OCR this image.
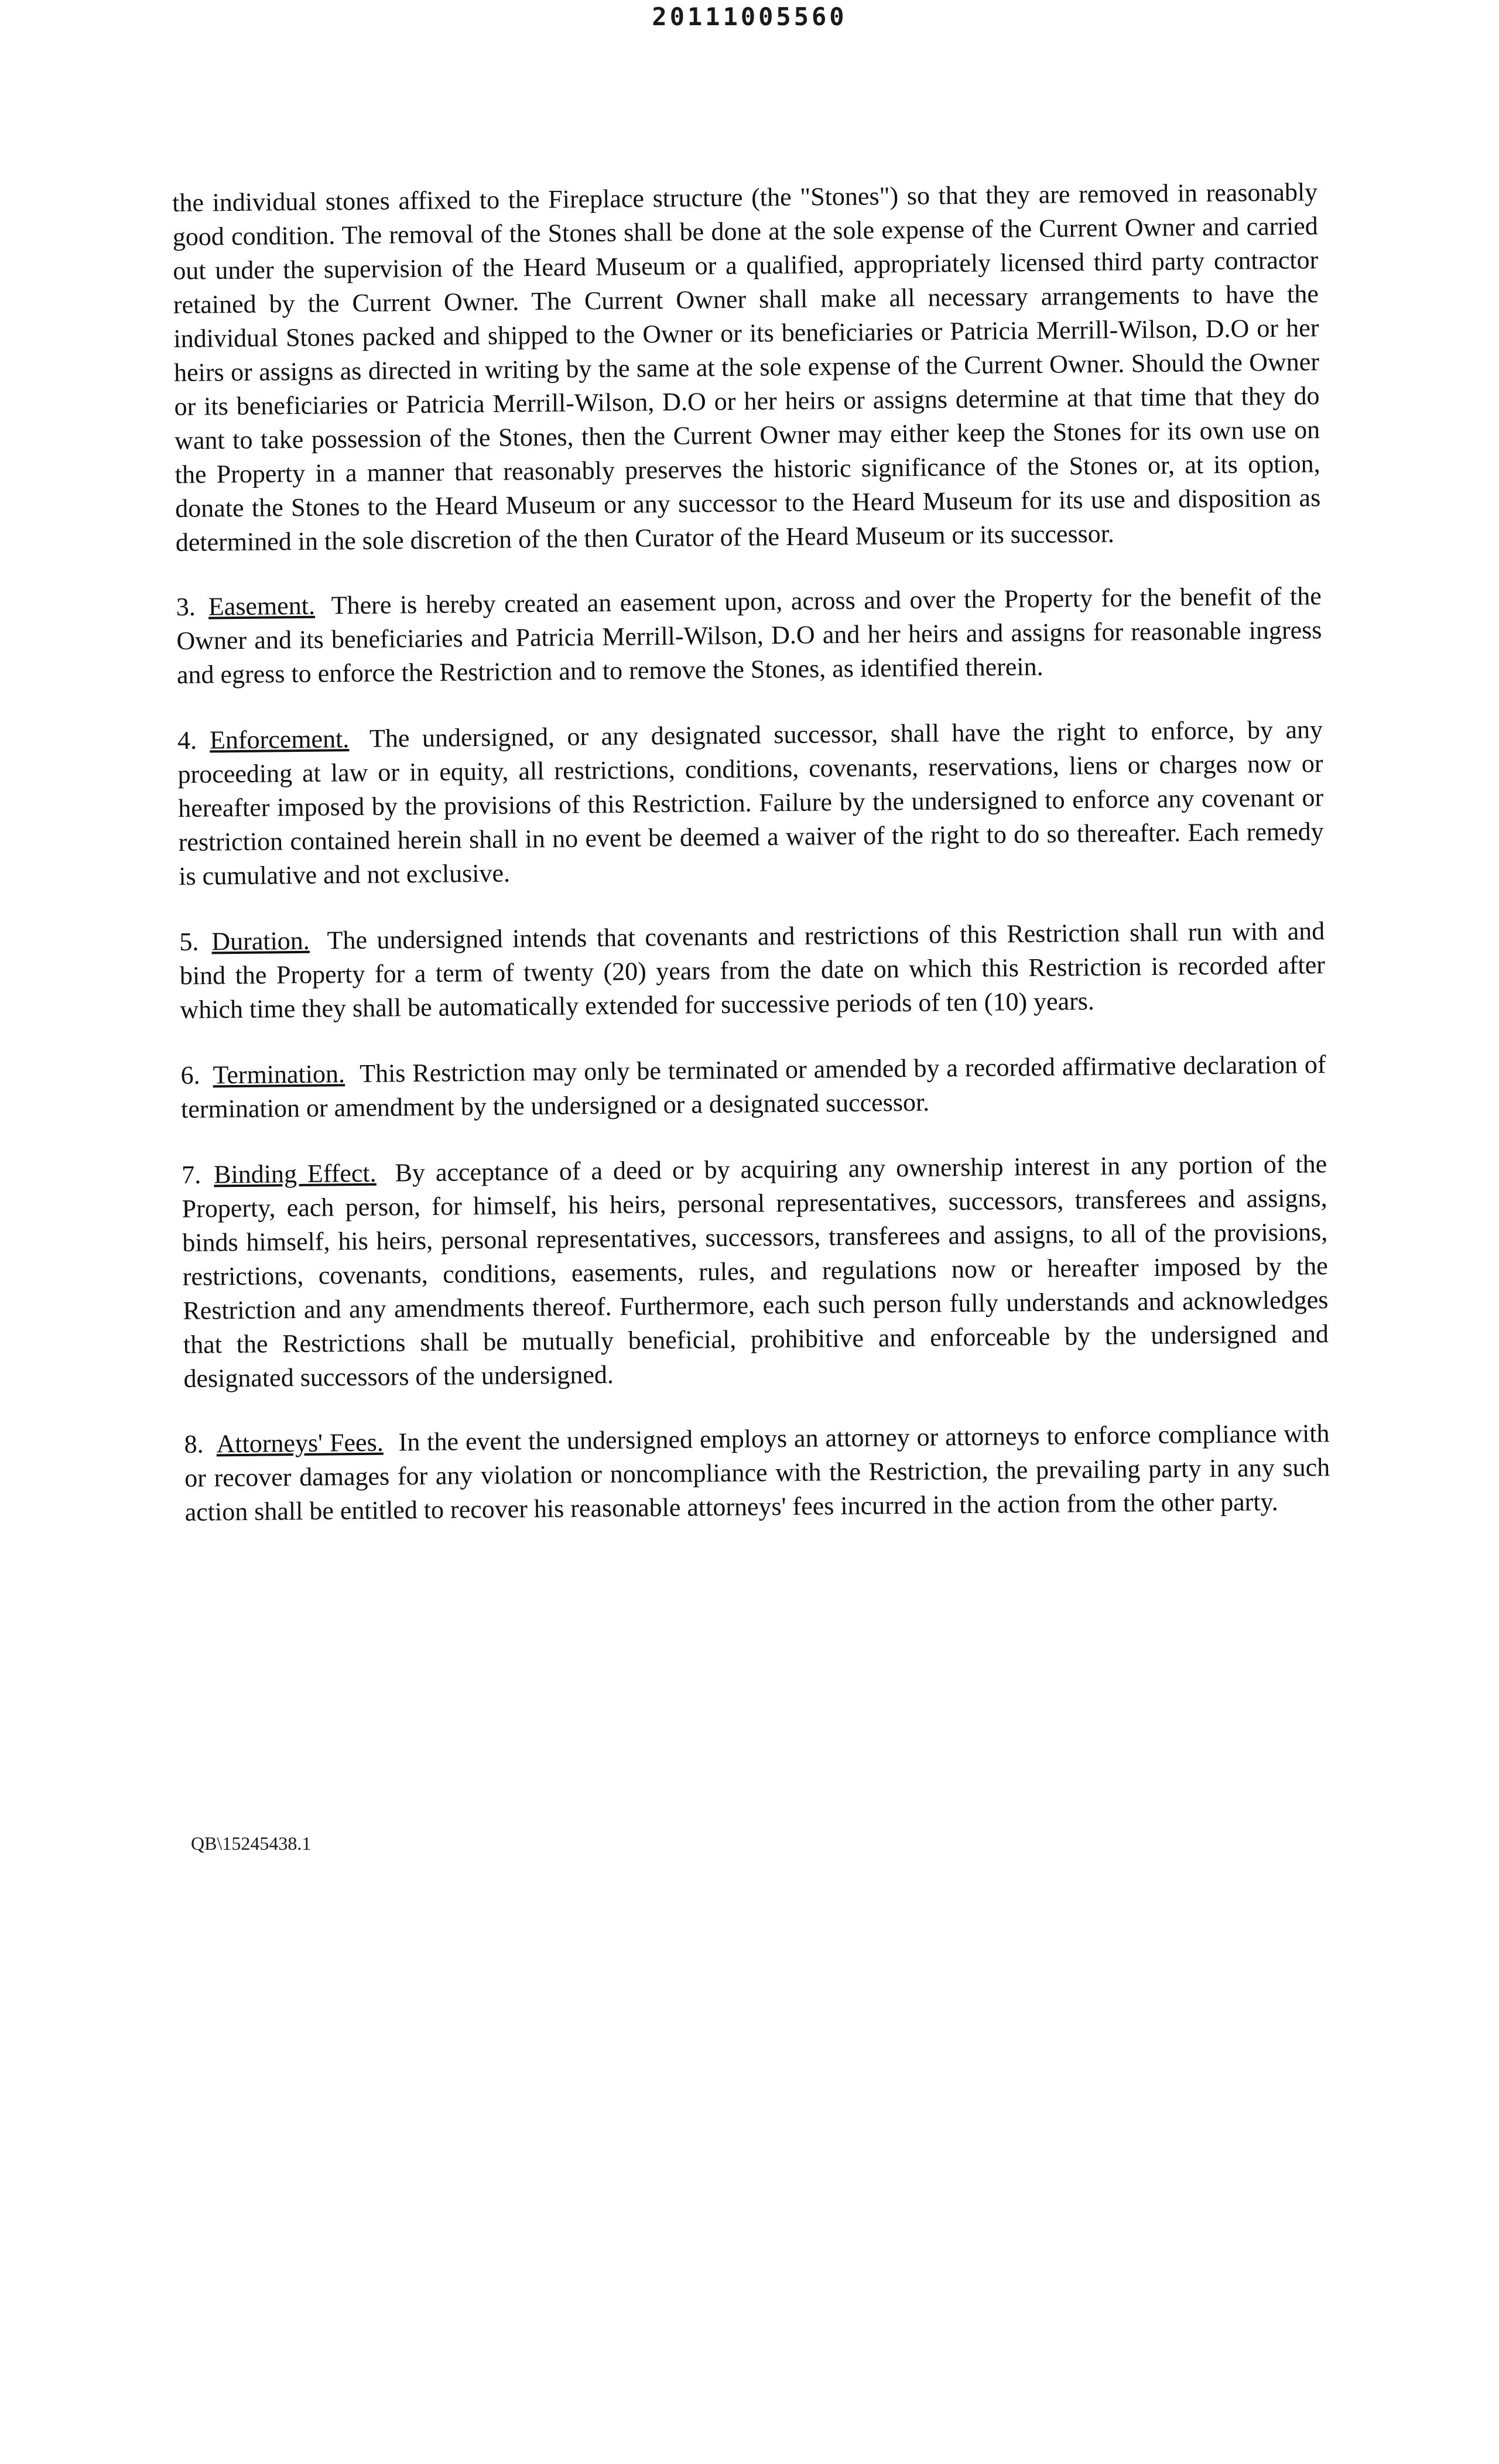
20111005560

the individual stones affixed to the Fireplace structure (the "Stones") so that they are removed in reasonably good condition. The removal of the Stones shall be done at the sole expense of the Current Owner and carried out under the supervision of the Heard Museum or a qualified, appropriately licensed third party contractor retained by the Current Owner. The Current Owner shall make all necessary arrangements to have the individual Stones packed and shipped to the Owner or its beneficiaries or Patricia Merrill-Wilson, D.O or her heirs or assigns as directed in writing by the same at the sole expense of the Current Owner. Should the Owner or its beneficiaries or Patricia Merrill-Wilson, D.O or her heirs or assigns determine at that time that they do want to take possession of the Stones, then the Current Owner may either keep the Stones for its own use on the Property in a manner that reasonably preserves the historic significance of the Stones or, at its option, donate the Stones to the Heard Museum or any successor to the Heard Museum for its use and disposition as determined in the sole discretion of the then Curator of the Heard Museum or its successor.

3. Easement. There is hereby created an easement upon, across and over the Property for the benefit of the Owner and its beneficiaries and Patricia Merrill-Wilson, D.O and her heirs and assigns for reasonable ingress and egress to enforce the Restriction and to remove the Stones, as identified therein.

4. Enforcement. The undersigned, or any designated successor, shall have the right to enforce, by any proceeding at law or in equity, all restrictions, conditions, covenants, reservations, liens or charges now or hereafter imposed by the provisions of this Restriction. Failure by the undersigned to enforce any covenant or restriction contained herein shall in no event be deemed a waiver of the right to do so thereafter. Each remedy is cumulative and not exclusive.

5. Duration. The undersigned intends that covenants and restrictions of this Restriction shall run with and bind the Property for a term of twenty (20) years from the date on which this Restriction is recorded after which time they shall be automatically extended for successive periods of ten (10) years.

6. Termination. This Restriction may only be terminated or amended by a recorded affirmative declaration of termination or amendment by the undersigned or a designated successor.

7. Binding Effect. By acceptance of a deed or by acquiring any ownership interest in any portion of the Property, each person, for himself, his heirs, personal representatives, successors, transferees and assigns, binds himself, his heirs, personal representatives, successors, transferees and assigns, to all of the provisions, restrictions, covenants, conditions, easements, rules, and regulations now or hereafter imposed by the Restriction and any amendments thereof. Furthermore, each such person fully understands and acknowledges that the Restrictions shall be mutually beneficial, prohibitive and enforceable by the undersigned and designated successors of the undersigned.

8. Attorneys' Fees. In the event the undersigned employs an attorney or attorneys to enforce compliance with or recover damages for any violation or noncompliance with the Restriction, the prevailing party in any such action shall be entitled to recover his reasonable attorneys' fees incurred in the action from the other party.

QB\15245438.1
